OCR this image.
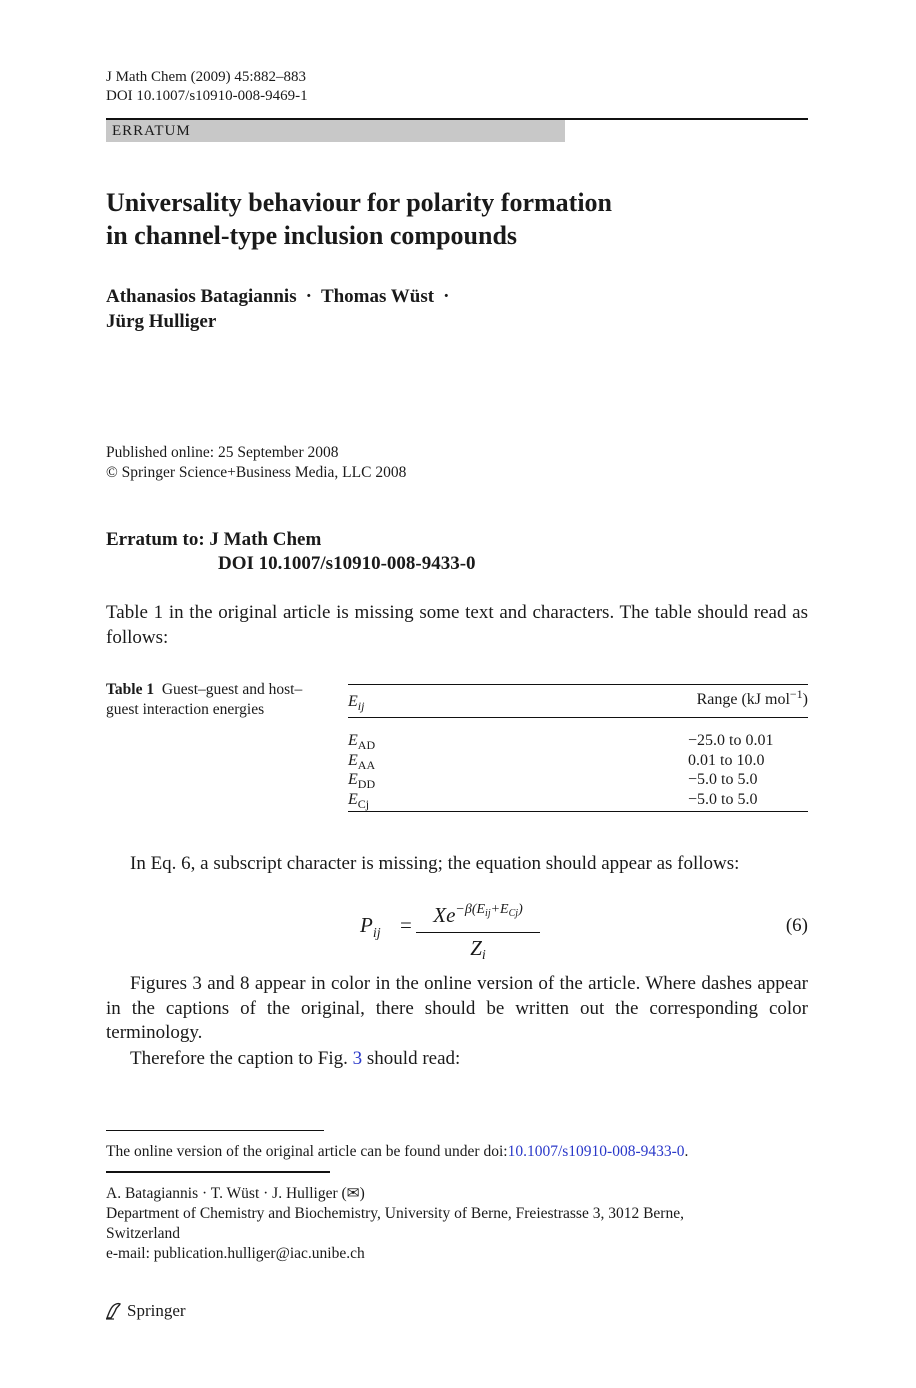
J Math Chem (2009) 45:882–883
DOI 10.1007/s10910-008-9469-1
ERRATUM
Universality behaviour for polarity formation
in channel-type inclusion compounds
Athanasios Batagiannis · Thomas Wüst ·
Jürg Hulliger
Published online: 25 September 2008
© Springer Science+Business Media, LLC 2008
Erratum to: J Math Chem
DOI 10.1007/s10910-008-9433-0
Table 1 in the original article is missing some text and characters. The table should read as follows:
Table 1 Guest–guest and host–guest interaction energies	$E_{ij}$	Range (kJ mol$^{-1}$)
$E_{AD}$	−25.0 to 0.01
$E_{AA}$	0.01 to 10.0
$E_{DD}$	−5.0 to 5.0
$E_{Cj}$	−5.0 to 5.0
In Eq. 6, a subscript character is missing; the equation should appear as follows:
$P_{ij}$ =	$Xe^{-\beta(E_{ij}+E_{Cj})}$
$Z_i$
(6)
Figures 3 and 8 appear in color in the online version of the article. Where dashes appear in the captions of the original, there should be written out the corresponding color terminology.
Therefore the caption to Fig. 3 should read:
The online version of the original article can be found under doi:10.1007/s10910-008-9433-0.
A. Batagiannis · T. Wüst · J. Hulliger (✉)
Department of Chemistry and Biochemistry, University of Berne, Freiestrasse 3, 3012 Berne,
Switzerland
e-mail: publication.hulliger@iac.unibe.ch
Springer
